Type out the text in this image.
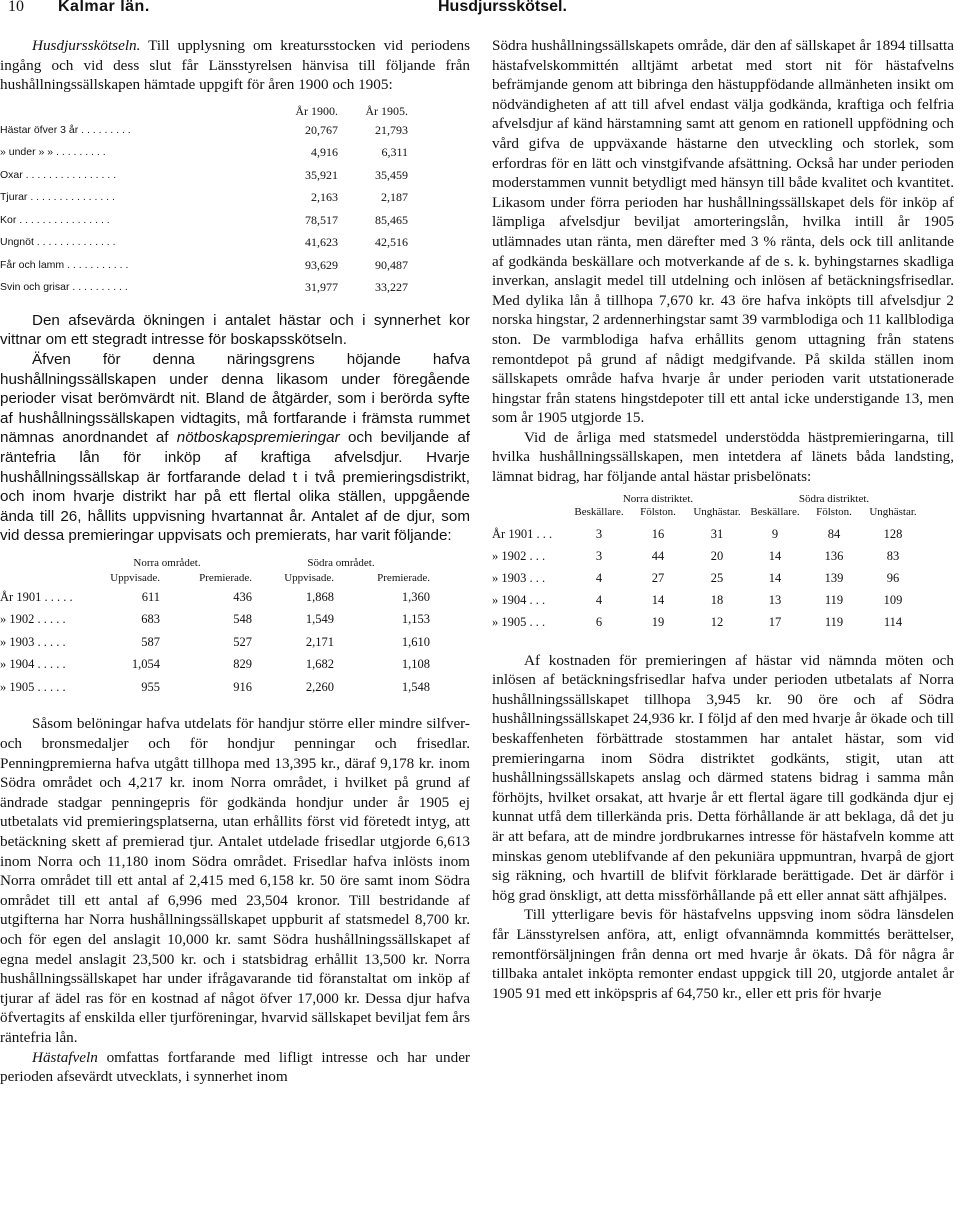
10 Kalmar län.	Husdjursskötsel.

Husdjursskötseln. Till upplysning om kreatursstocken vid periodens ingång och vid dess slut får Länsstyrelsen hänvisa till följande från hushållningssällskapen hämtade uppgift för åren 1900 och 1905:

År 1900.	År 1905.
Hästar öfver 3 år . . . . . . . . .	20,767	21,793
» under » » . . . . . . . . .	4,916	6,311
Oxar . . . . . . . . . . . . . . . .	35,921	35,459
Tjurar . . . . . . . . . . . . . . .	2,163	2,187
Kor . . . . . . . . . . . . . . . .	78,517	85,465
Ungnöt . . . . . . . . . . . . . .	41,623	42,516
Får och lamm . . . . . . . . . . .	93,629	90,487
Svin och grisar . . . . . . . . . .	31,977	33,227

Den afsevärda ökningen i antalet hästar och i synnerhet kor vittnar om ett stegradt intresse för boskapsskötseln.

Äfven för denna näringsgrens höjande hafva hushållningssällskapen under denna likasom under föregående perioder visat berömvärdt nit. Bland de åtgärder, som i berörda syfte af hushållningssällskapen vidtagits, må fortfarande i främsta rummet nämnas anordnandet af nötboskapspremieringar och beviljande af räntefria lån för inköp af kraftiga afvelsdjur. Hvarje hushållningssällskap är fortfarande delad t i två premieringsdistrikt, och inom hvarje distrikt har på ett flertal olika ställen, uppgående ända till 26, hållits uppvisning hvartannat år. Antalet af de djur, som vid dessa premieringar uppvisats och premierats, har varit följande:

Norra området.	Södra området.
Uppvisade.	Premierade.	Uppvisade.	Premierade.
År 1901 . . . . .	611	436	1,868	1,360
» 1902 . . . . .	683	548	1,549	1,153
» 1903 . . . . .	587	527	2,171	1,610
» 1904 . . . . .	1,054	829	1,682	1,108
» 1905 . . . . .	955	916	2,260	1,548

Såsom belöningar hafva utdelats för handjur större eller mindre silfver- och bronsmedaljer och för hondjur penningar och frisedlar. Penningpremierna hafva utgått tillhopa med 13,395 kr., däraf 9,178 kr. inom Södra området och 4,217 kr. inom Norra området, i hvilket på grund af ändrade stadgar penningepris för godkända hondjur under år 1905 ej utbetalats vid premieringsplatserna, utan erhållits först vid företedt intyg, att betäckning skett af premierad tjur. Antalet utdelade frisedlar utgjorde 6,613 inom Norra och 11,180 inom Södra området. Frisedlar hafva inlösts inom Norra området till ett antal af 2,415 med 6,158 kr. 50 öre samt inom Södra området till ett antal af 6,996 med 23,504 kronor. Till bestridande af utgifterna har Norra hushållningssällskapet uppburit af statsmedel 8,700 kr. och för egen del anslagit 10,000 kr. samt Södra hushållningssällskapet af egna medel anslagit 23,500 kr. och i statsbidrag erhållit 13,500 kr. Norra hushållningssällskapet har under ifrågavarande tid föranstaltat om inköp af tjurar af ädel ras för en kostnad af något öfver 17,000 kr. Dessa djur hafva öfvertagits af enskilda eller tjurföreningar, hvarvid sällskapet beviljat fem års räntefria lån.

Hästafveln omfattas fortfarande med lifligt intresse och har under perioden afsevärdt utvecklats, i synnerhet inom

Södra hushållningssällskapets område, där den af sällskapet år 1894 tillsatta hästafvelskommittén alltjämt arbetat med stort nit för hästafvelns befrämjande genom att bibringa den hästuppfödande allmänheten insikt om nödvändigheten af att till afvel endast välja godkända, kraftiga och felfria afvelsdjur af känd härstamning samt att genom en rationell uppfödning och vård gifva de uppväxande hästarne den utveckling och storlek, som erfordras för en lätt och vinstgifvande afsättning. Också har under perioden moderstammen vunnit betydligt med hänsyn till både kvalitet och kvantitet. Likasom under förra perioden har hushållningssällskapet dels för inköp af lämpliga afvelsdjur beviljat amorteringslån, hvilka intill år 1905 utlämnades utan ränta, men därefter med 3 % ränta, dels ock till anlitande af godkända beskällare och motverkande af de s. k. byhingstarnes skadliga inverkan, anslagit medel till utdelning och inlösen af betäckningsfrisedlar. Med dylika lån å tillhopa 7,670 kr. 43 öre hafva inköpts till afvelsdjur 2 norska hingstar, 2 ardennerhingstar samt 39 varmblodiga och 11 kallblodiga ston. De varmblodiga hafva erhållits genom uttagning från statens remontdepot på grund af nådigt medgifvande. På skilda ställen inom sällskapets område hafva hvarje år under perioden varit utstationerade hingstar från statens hingstdepoter till ett antal icke understigande 13, men som år 1905 utgjorde 15.

Vid de årliga med statsmedel understödda hästpremieringarna, till hvilka hushållningssällskapen, men intetdera af länets båda landsting, lämnat bidrag, har följande antal hästar prisbelönats:

Norra distriktet.	Södra distriktet.
Beskällare.	Fölston.	Unghästar. Beskällare.	Fölston.	Unghästar.
År 1901 . . .	3	16	31	9	84	128
» 1902 . . .	3	44	20	14	136	83
» 1903 . . .	4	27	25	14	139	96
» 1904 . . .	4	14	18	13	119	109
» 1905 . . .	6	19	12	17	119	114

Af kostnaden för premieringen af hästar vid nämnda möten och inlösen af betäckningsfrisedlar hafva under perioden utbetalats af Norra hushållningssällskapet tillhopa 3,945 kr. 90 öre och af Södra hushållningssällskapet 24,936 kr. I följd af den med hvarje år ökade och till beskaffenheten förbättrade stostammen har antalet hästar, som vid premieringarna inom Södra distriktet godkänts, stigit, utan att hushållningssällskapets anslag och därmed statens bidrag i samma mån förhöjts, hvilket orsakat, att hvarje år ett flertal ägare till godkända djur ej kunnat utfå dem tillerkända pris. Detta förhållande är att beklaga, då det ju är att befara, att de mindre jordbrukarnes intresse för hästafveln komme att minskas genom uteblifvande af den pekuniära uppmuntran, hvarpå de gjort sig räkning, och hvartill de blifvit förklarade berättigade. Det är därför i hög grad önskligt, att detta missförhållande på ett eller annat sätt afhjälpes.

Till ytterligare bevis för hästafvelns uppsving inom södra länsdelen får Länsstyrelsen anföra, att, enligt ofvannämnda kommittés berättelser, remontförsäljningen från denna ort med hvarje år ökats. Då för några år tillbaka antalet inköpta remonter endast uppgick till 20, utgjorde antalet år 1905 91 med ett inköpspris af 64,750 kr., eller ett pris för hvarje
